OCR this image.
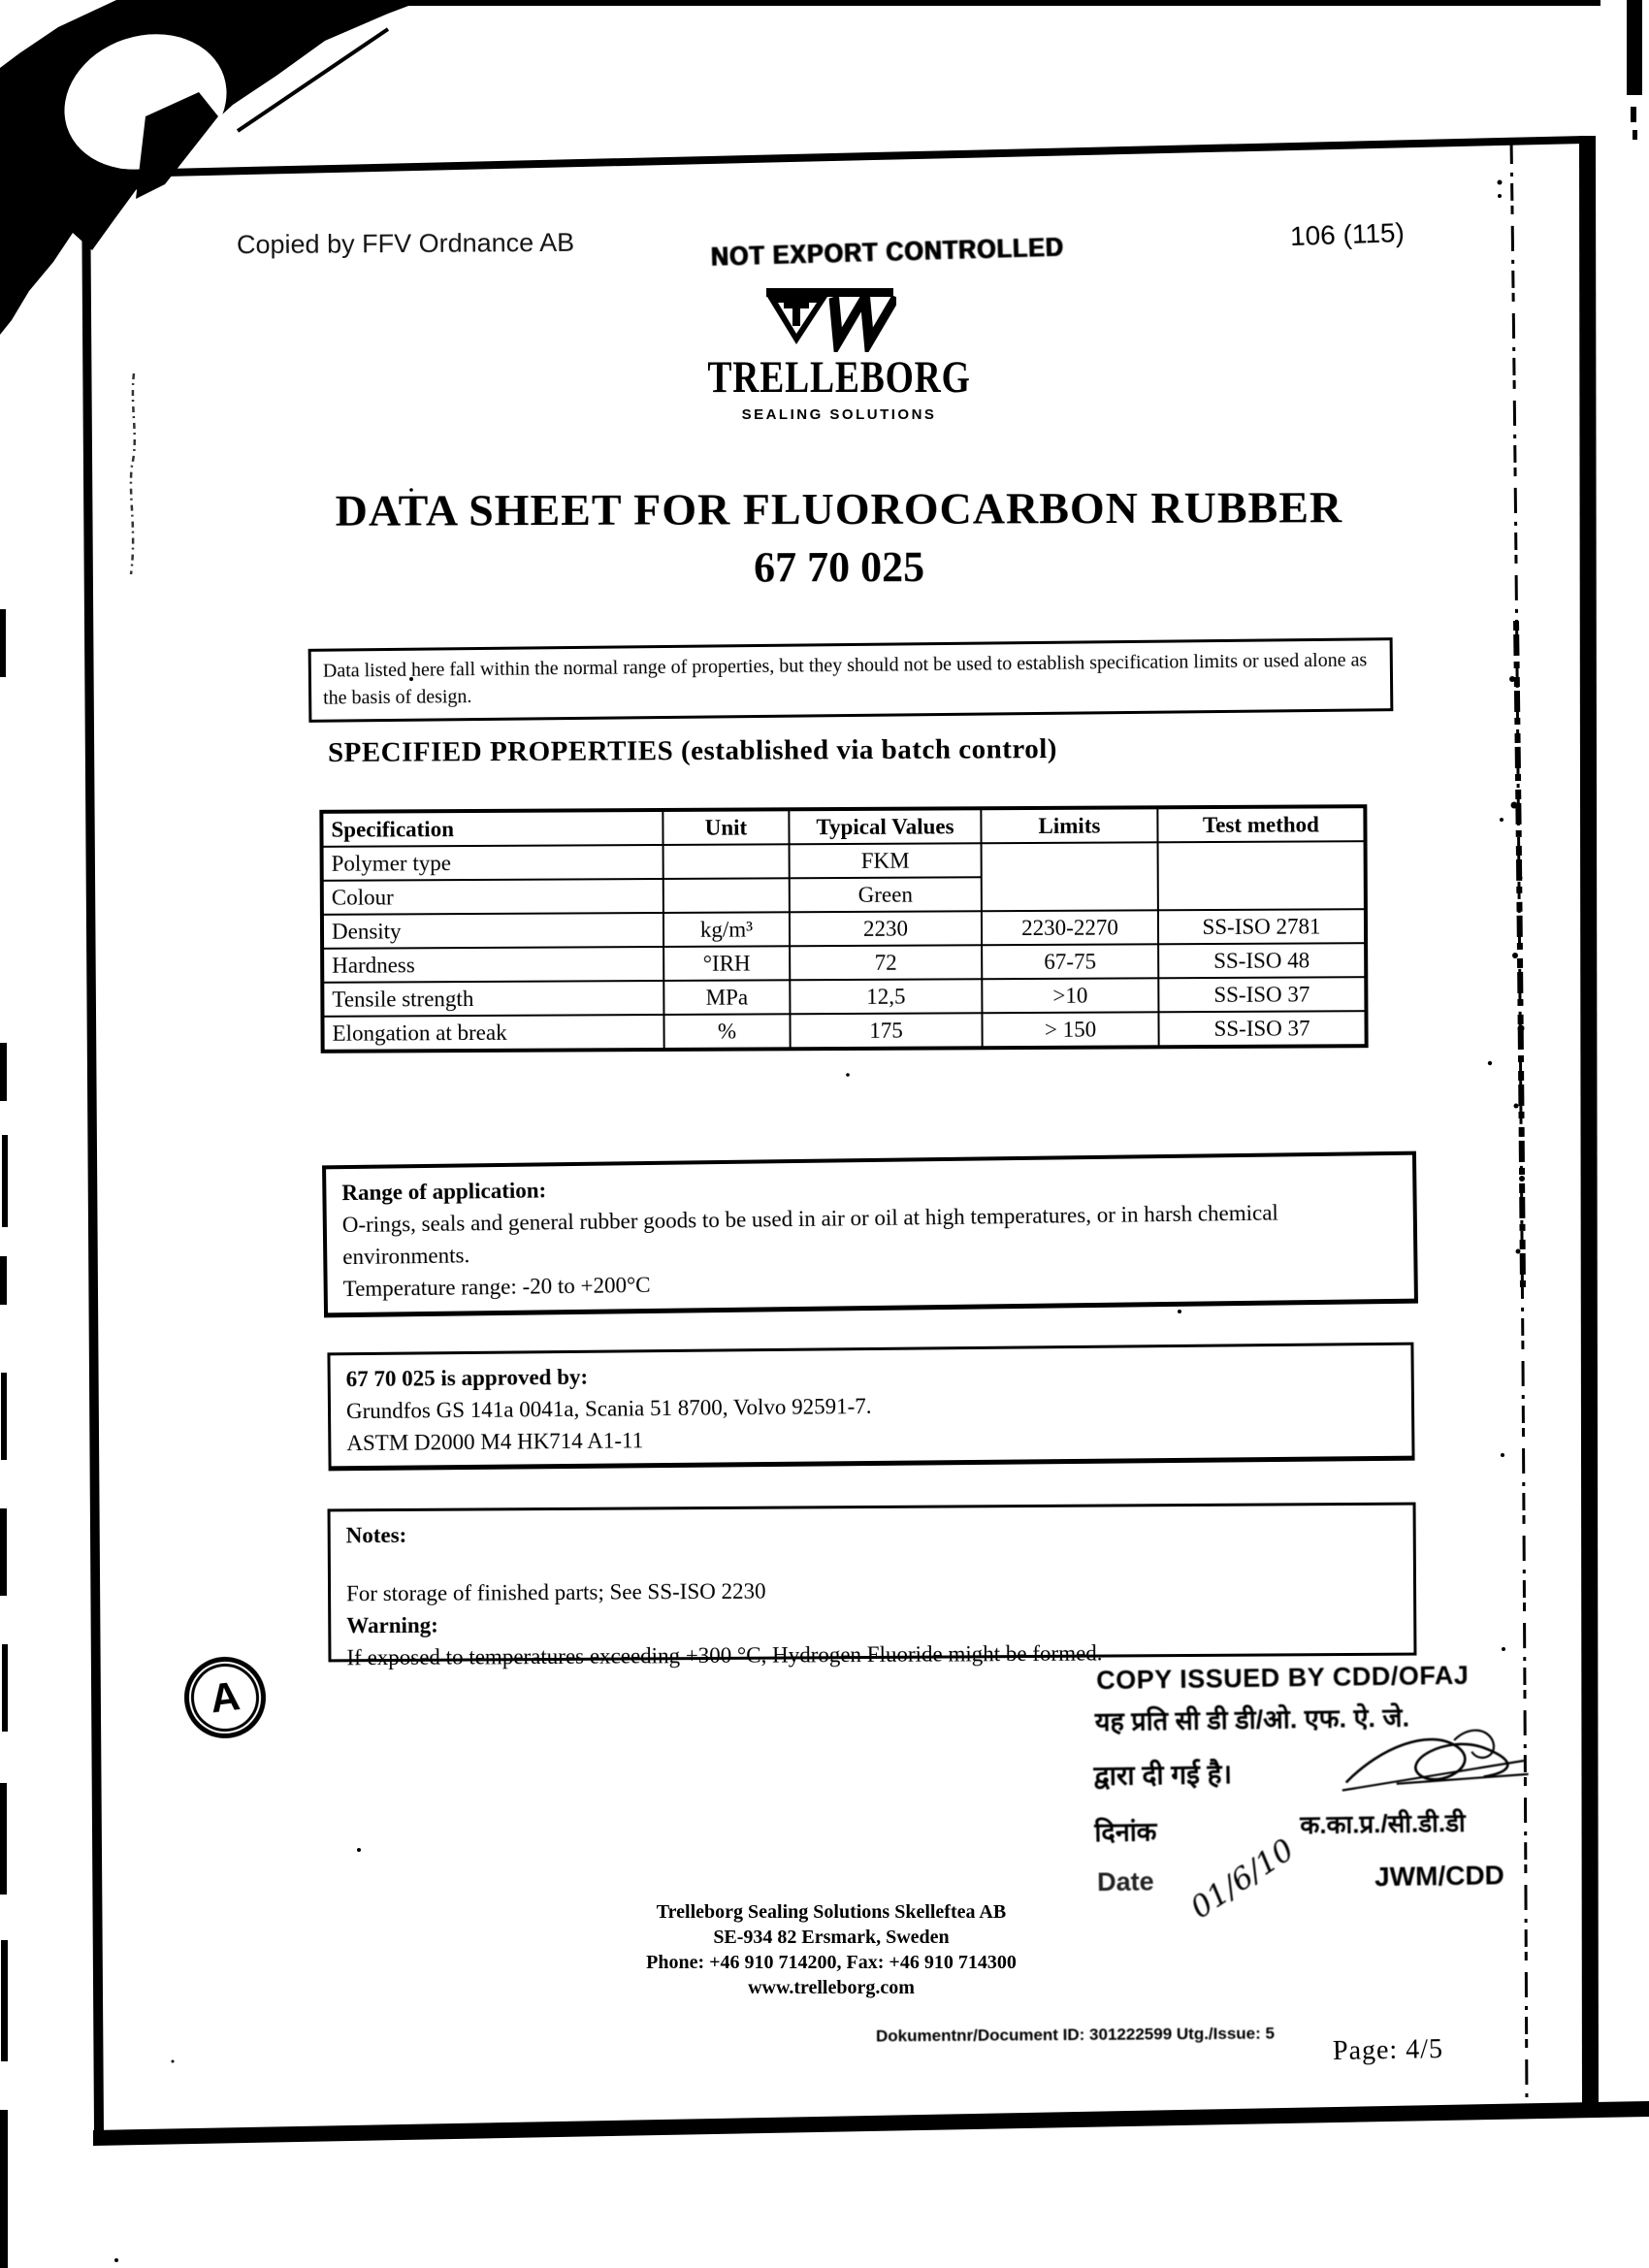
Copied by FFV Ordnance AB	NOT EXPORT CONTROLLED	106 (115)
TRELLEBORG
SEALING SOLUTIONS
DATA SHEET FOR FLUOROCARBON RUBBER
67 70 025
Data listed here fall within the normal range of properties, but they should not be used to establish specification limits or used alone as the basis of design.
SPECIFIED PROPERTIES (established via batch control)
Specification	Unit	Typical Values	Limits	Test method
Polymer type		FKM		
Colour		Green		
Density	kg/m³	2230	2230-2270	SS-ISO 2781
Hardness	°IRH	72	67-75	SS-ISO 48
Tensile strength	MPa	12,5	>10	SS-ISO 37
Elongation at break	%	175	> 150	SS-ISO 37
Range of application:
O-rings, seals and general rubber goods to be used in air or oil at high temperatures, or in harsh chemical environments.
Temperature range: -20 to +200°C
67 70 025 is approved by:
Grundfos GS 141a 0041a, Scania 51 8700, Volvo 92591-7.
ASTM D2000 M4 HK714 A1-11
Notes:
For storage of finished parts; See SS-ISO 2230
Warning:
If exposed to temperatures exceeding +300 °C, Hydrogen Fluoride might be formed.
A	COPY ISSUED BY CDD/OFAJ
यह प्रति सी डी डी/ओ. एफ. ऐ. जे.
द्वारा दी गई है।
दिनांक	क.का.प्र./सी.डी.डी
Date 01/6/10	JWM/CDD
Trelleborg Sealing Solutions Skelleftea AB
SE-934 82 Ersmark, Sweden
Phone: +46 910 714200, Fax: +46 910 714300
www.trelleborg.com
Dokumentnr/Document ID: 301222599 Utg./Issue: 5 Page: 4/5
